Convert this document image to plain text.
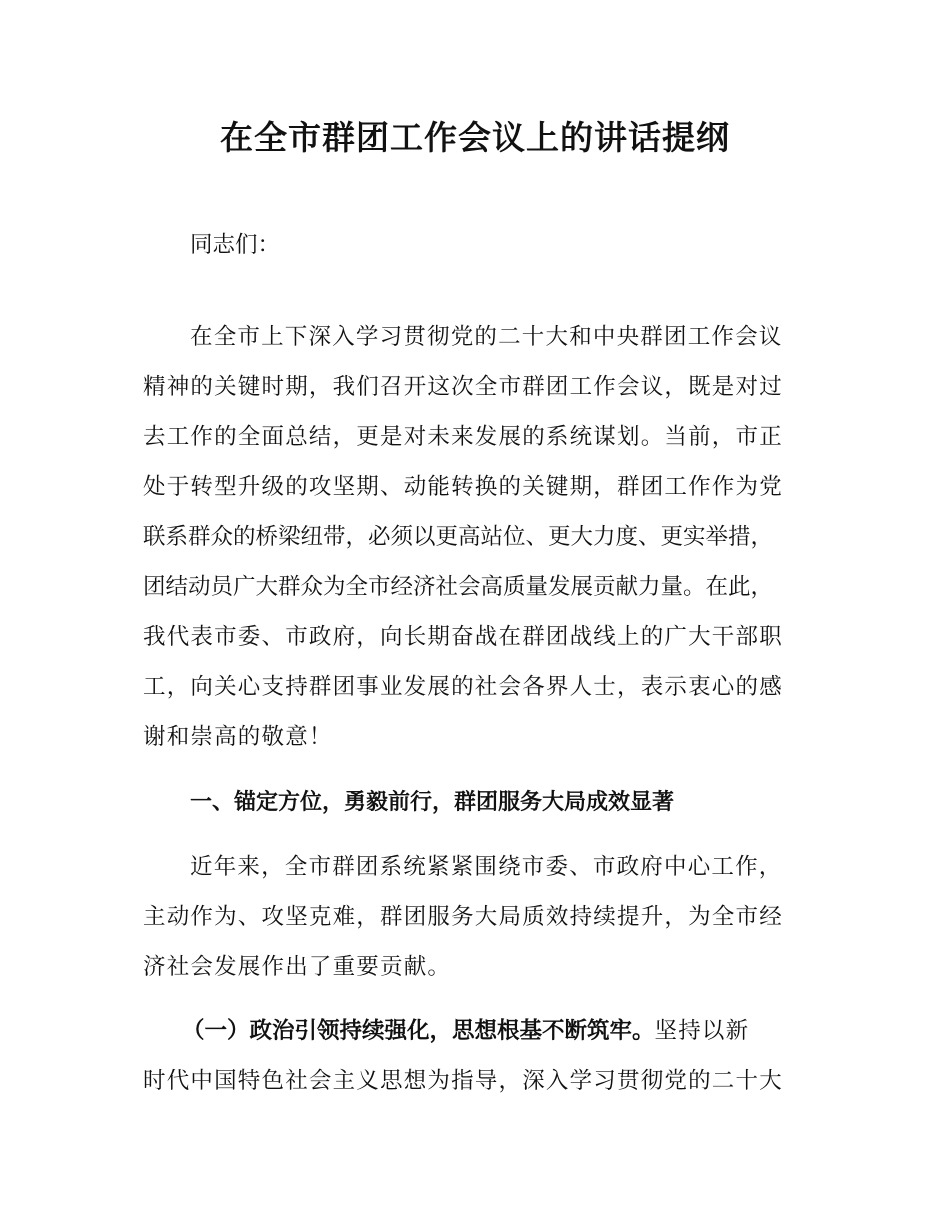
在全市群团工作会议上的讲话提纲

同志们：

在全市上下深入学习贯彻党的二十大和中央群团工作会议

精神的关键时期，我们召开这次全市群团工作会议，既是对过

去工作的全面总结，更是对未来发展的系统谋划。当前，市正

处于转型升级的攻坚期、动能转换的关键期，群团工作作为党

联系群众的桥梁纽带，必须以更高站位、更大力度、更实举措，

团结动员广大群众为全市经济社会高质量发展贡献力量。在此，

我代表市委、市政府，向长期奋战在群团战线上的广大干部职

工，向关心支持群团事业发展的社会各界人士，表示衷心的感

谢和崇高的敬意！

一、锚定方位，勇毅前行，群团服务大局成效显著

近年来，全市群团系统紧紧围绕市委、市政府中心工作，

主动作为、攻坚克难，群团服务大局质效持续提升，为全市经

济社会发展作出了重要贡献。

（一）政治引领持续强化，思想根基不断筑牢。坚持以新

时代中国特色社会主义思想为指导，深入学习贯彻党的二十大
